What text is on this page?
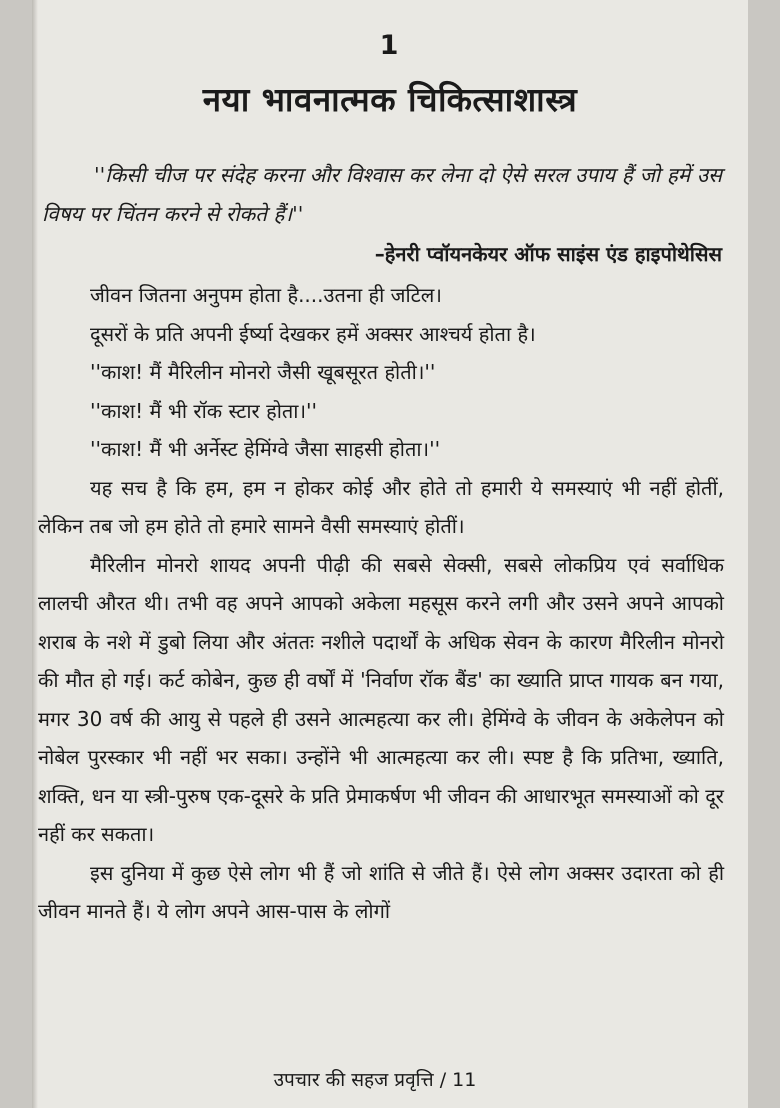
1
नया भावनात्मक चिकित्साशास्त्र
''किसी चीज पर संदेह करना और विश्वास कर लेना दो ऐसे सरल उपाय हैं जो हमें उस विषय पर चिंतन करने से रोकते हैं।''
–हेनरी प्वॉयनकेयर ऑफ साइंस एंड हाइपोथेसिस

जीवन जितना अनुपम होता है....उतना ही जटिल।

दूसरों के प्रति अपनी ईर्ष्या देखकर हमें अक्सर आश्चर्य होता है।

''काश! मैं मैरिलीन मोनरो जैसी खूबसूरत होती।''

''काश! मैं भी रॉक स्टार होता।''

''काश! मैं भी अर्नेस्ट हेमिंग्वे जैसा साहसी होता।''

यह सच है कि हम, हम न होकर कोई और होते तो हमारी ये समस्याएं भी नहीं होतीं, लेकिन तब जो हम होते तो हमारे सामने वैसी समस्याएं होतीं।

मैरिलीन मोनरो शायद अपनी पीढ़ी की सबसे सेक्सी, सबसे लोकप्रिय एवं सर्वाधिक लालची औरत थी। तभी वह अपने आपको अकेला महसूस करने लगी और उसने अपने आपको शराब के नशे में डुबो लिया और अंततः नशीले पदार्थों के अधिक सेवन के कारण मैरिलीन मोनरो की मौत हो गई। कर्ट कोबेन, कुछ ही वर्षों में 'निर्वाण रॉक बैंड' का ख्याति प्राप्त गायक बन गया, मगर 30 वर्ष की आयु से पहले ही उसने आत्महत्या कर ली। हेमिंग्वे के जीवन के अकेलेपन को नोबेल पुरस्कार भी नहीं भर सका। उन्होंने भी आत्महत्या कर ली। स्पष्ट है कि प्रतिभा, ख्याति, शक्ति, धन या स्त्री-पुरुष एक-दूसरे के प्रति प्रेमाकर्षण भी जीवन की आधारभूत समस्याओं को दूर नहीं कर सकता।

इस दुनिया में कुछ ऐसे लोग भी हैं जो शांति से जीते हैं। ऐसे लोग अक्सर उदारता को ही जीवन मानते हैं। ये लोग अपने आस-पास के लोगों

उपचार की सहज प्रवृत्ति / 11
